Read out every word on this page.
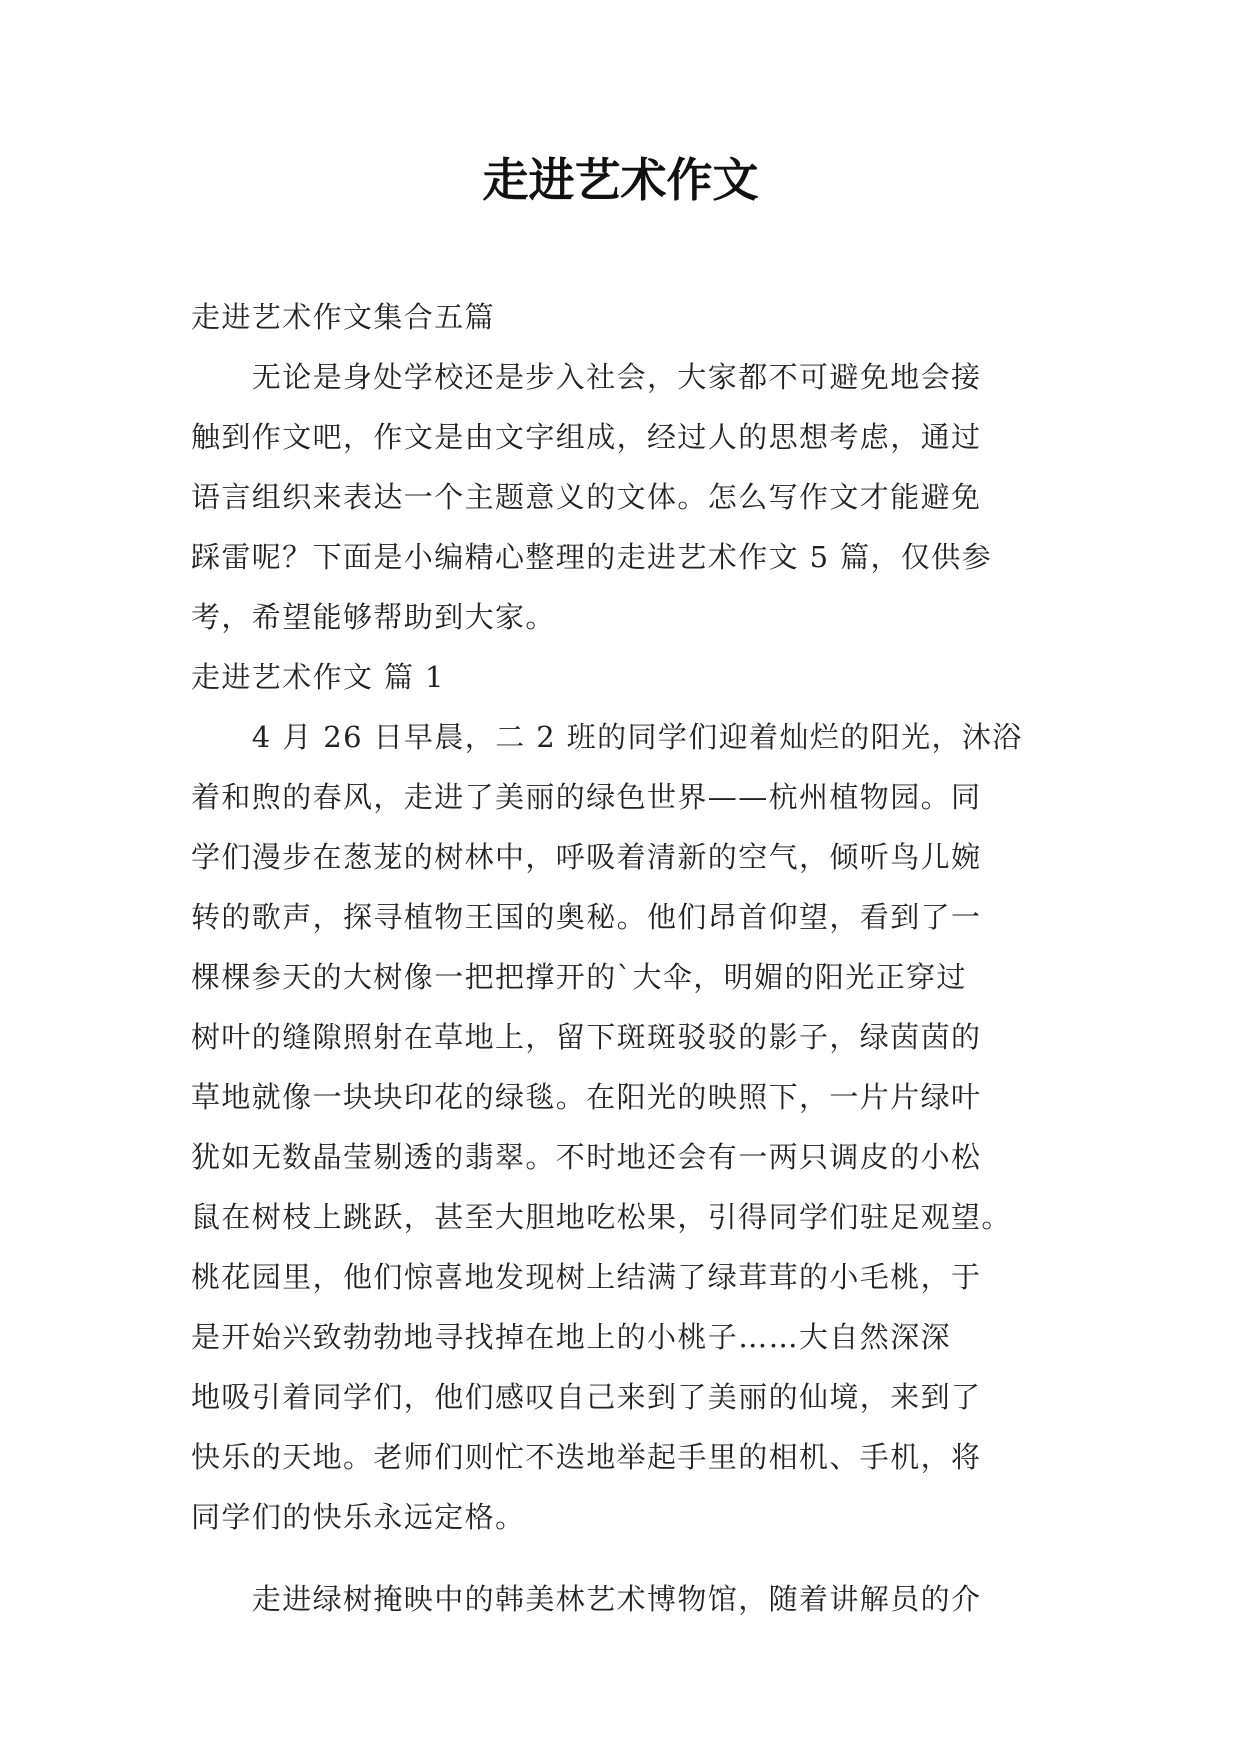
走进艺术作文

走进艺术作文集合五篇

　　无论是身处学校还是步入社会，大家都不可避免地会接

触到作文吧，作文是由文字组成，经过人的思想考虑，通过

语言组织来表达一个主题意义的文体。怎么写作文才能避免

踩雷呢？下面是小编精心整理的走进艺术作文 5 篇，仅供参

考，希望能够帮助到大家。

走进艺术作文 篇 1

　　4 月 26 日早晨，二 2 班的同学们迎着灿烂的阳光，沐浴

着和煦的春风，走进了美丽的绿色世界——杭州植物园。同

学们漫步在葱茏的树林中，呼吸着清新的空气，倾听鸟儿婉

转的歌声，探寻植物王国的奥秘。他们昂首仰望，看到了一

棵棵参天的大树像一把把撑开的`大伞，明媚的阳光正穿过

树叶的缝隙照射在草地上，留下斑斑驳驳的影子，绿茵茵的

草地就像一块块印花的绿毯。在阳光的映照下，一片片绿叶

犹如无数晶莹剔透的翡翠。不时地还会有一两只调皮的小松

鼠在树枝上跳跃，甚至大胆地吃松果，引得同学们驻足观望。

桃花园里，他们惊喜地发现树上结满了绿茸茸的小毛桃，于

是开始兴致勃勃地寻找掉在地上的小桃子……大自然深深

地吸引着同学们，他们感叹自己来到了美丽的仙境，来到了

快乐的天地。老师们则忙不迭地举起手里的相机、手机，将

同学们的快乐永远定格。

　　走进绿树掩映中的韩美林艺术博物馆，随着讲解员的介
